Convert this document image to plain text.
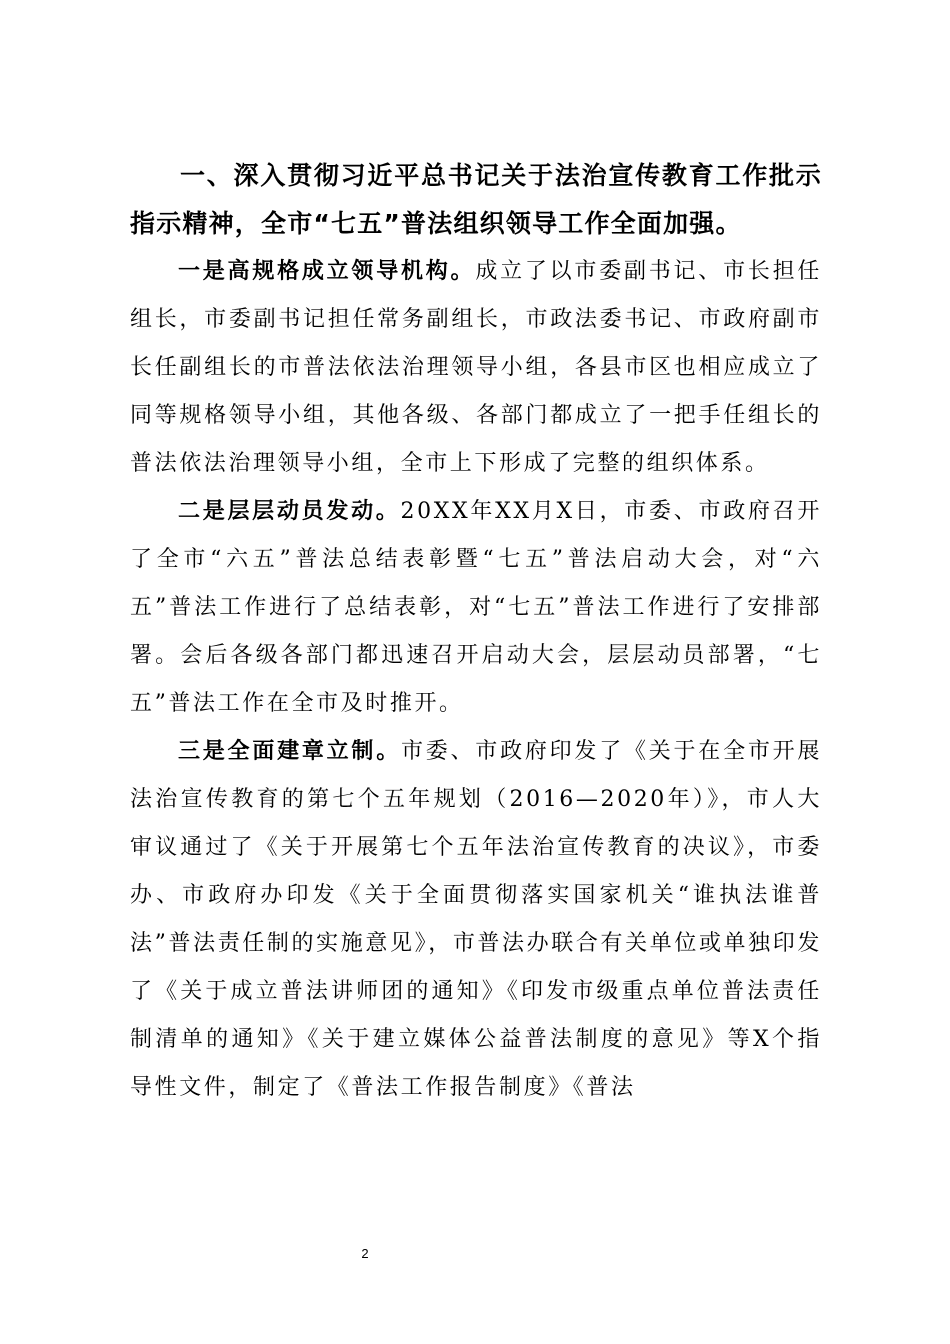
一、深入贯彻习近平总书记关于法治宣传教育工作批示指示精神，全市“七五”普法组织领导工作全面加强。

一是高规格成立领导机构。成立了以市委副书记、市长担任组长，市委副书记担任常务副组长，市政法委书记、市政府副市长任副组长的市普法依法治理领导小组，各县市区也相应成立了同等规格领导小组，其他各级、各部门都成立了一把手任组长的普法依法治理领导小组，全市上下形成了完整的组织体系。

二是层层动员发动。20XX年XX月X日，市委、市政府召开了全市“六五”普法总结表彰暨“七五”普法启动大会，对“六五”普法工作进行了总结表彰，对“七五”普法工作进行了安排部署。会后各级各部门都迅速召开启动大会，层层动员部署，“七五”普法工作在全市及时推开。

三是全面建章立制。市委、市政府印发了《关于在全市开展法治宣传教育的第七个五年规划（2016—2020年）》，市人大审议通过了《关于开展第七个五年法治宣传教育的决议》，市委办、市政府办印发《关于全面贯彻落实国家机关“谁执法谁普法”普法责任制的实施意见》，市普法办联合有关单位或单独印发了《关于成立普法讲师团的通知》《印发市级重点单位普法责任制清单的通知》《关于建立媒体公益普法制度的意见》等X个指导性文件，制定了《普法工作报告制度》《普法

2
